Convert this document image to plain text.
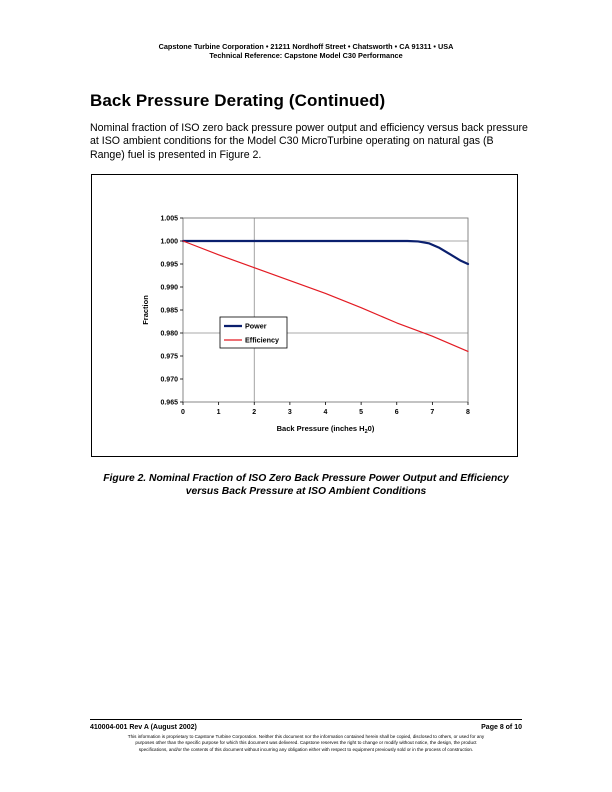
Capstone Turbine Corporation • 21211 Nordhoff Street • Chatsworth • CA 91311 • USA
Technical Reference: Capstone Model C30 Performance
Back Pressure Derating (Continued)
Nominal fraction of ISO zero back pressure power output and efficiency versus back pressure at ISO ambient conditions for the Model C30 MicroTurbine operating on natural gas (B Range) fuel is presented in Figure 2.
0.965
0.970
0.975
0.980
0.985
0.990
0.995
1.000
1.005
0	1	2	3	4	5	6	7	8
Fraction
Back Pressure (inches $H_20$)
Power
Efficiency
Figure 2. Nominal Fraction of ISO Zero Back Pressure Power Output and Efficiency
versus Back Pressure at ISO Ambient Conditions
410004-001 Rev A (August 2002)	Page 8 of 10
This information is proprietary to Capstone Turbine Corporation. Neither this document nor the information contained herein shall be copied, disclosed to others, or used for any
purposes other than the specific purpose for which this document was delivered. Capstone reserves the right to change or modify without notice, the design, the product
specifications, and/or the contents of this document without incurring any obligation either with respect to equipment previously sold or in the process of construction.
